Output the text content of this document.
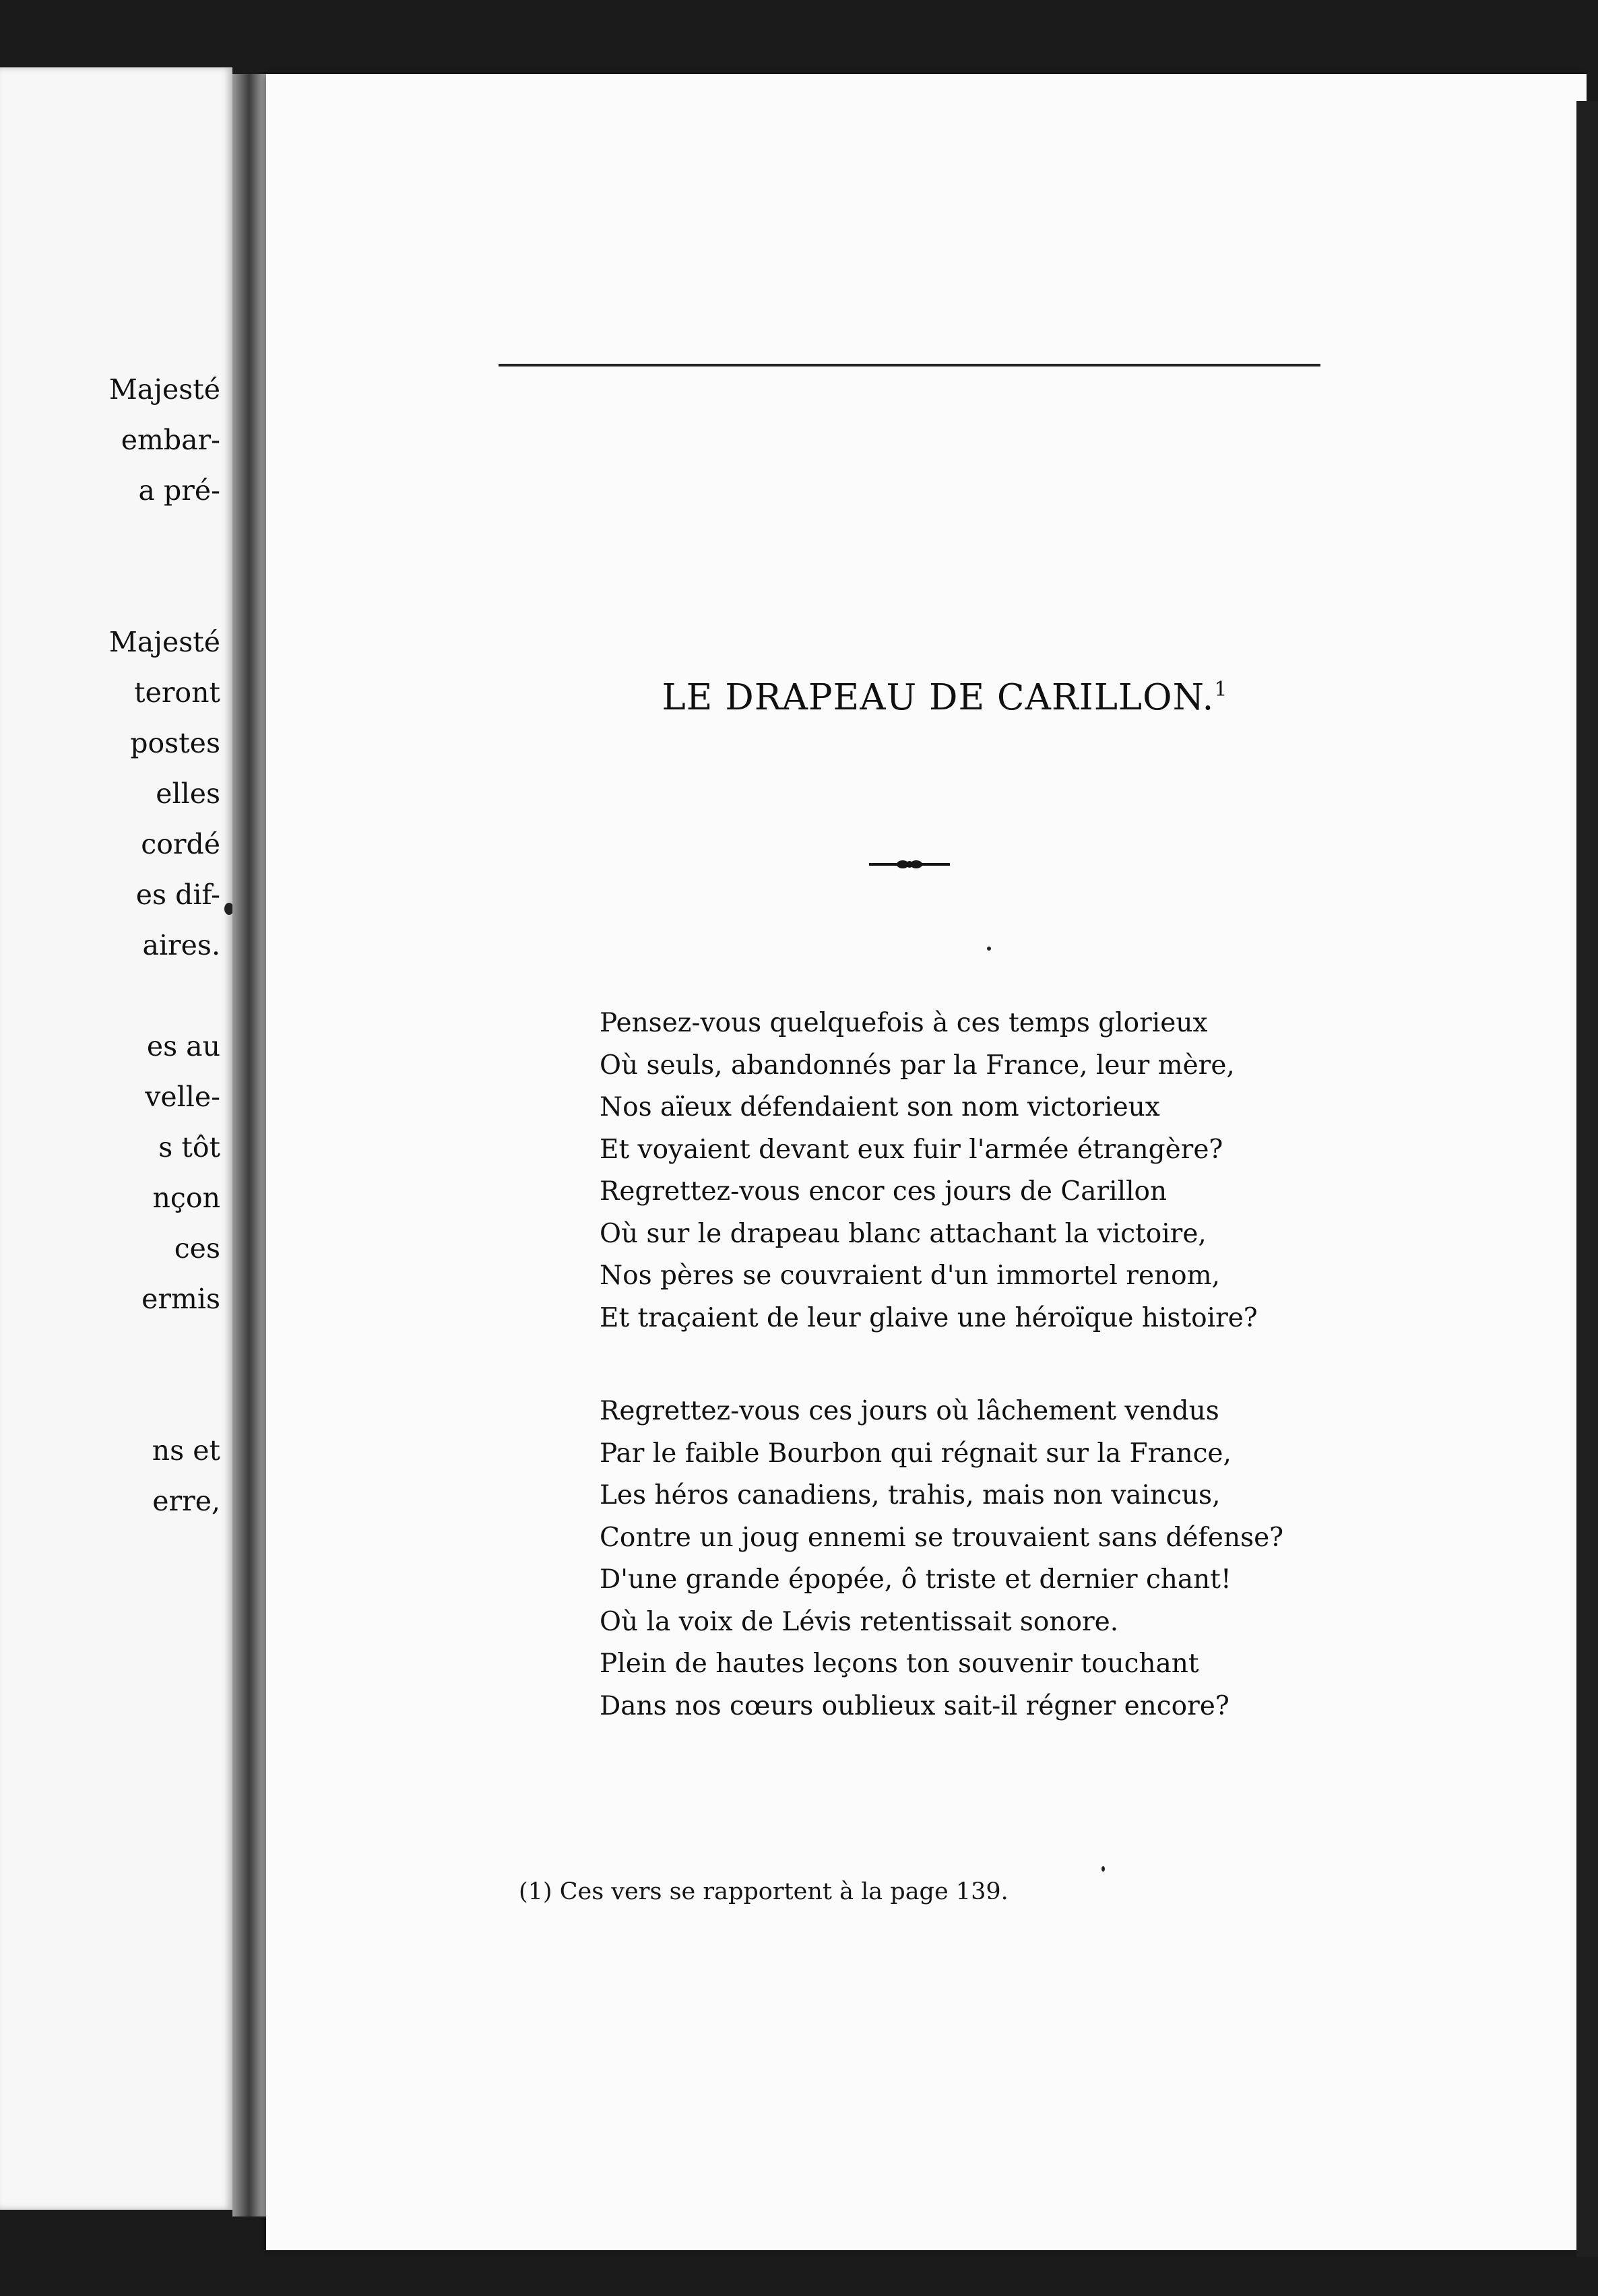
Majesté
embar-
a pré-
Majesté
teront
postes
elles
cordé
es dif-
aires.
es au
velle-
s tôt
nçon
ces
ermis
ns et
erre,
LE DRAPEAU DE CARILLON.$^1$
Pensez-vous quelquefois à ces temps glorieux
Où seuls, abandonnés par la France, leur mère,
Nos aïeux défendaient son nom victorieux
Et voyaient devant eux fuir l'armée étrangère?
Regrettez-vous encor ces jours de Carillon
Où sur le drapeau blanc attachant la victoire,
Nos pères se couvraient d'un immortel renom,
Et traçaient de leur glaive une héroïque histoire?
Regrettez-vous ces jours où lâchement vendus
Par le faible Bourbon qui régnait sur la France,
Les héros canadiens, trahis, mais non vaincus,
Contre un joug ennemi se trouvaient sans défense?
D'une grande épopée, ô triste et dernier chant!
Où la voix de Lévis retentissait sonore.
Plein de hautes leçons ton souvenir touchant
Dans nos cœurs oublieux sait-il régner encore?
(1) Ces vers se rapportent à la page 139.
